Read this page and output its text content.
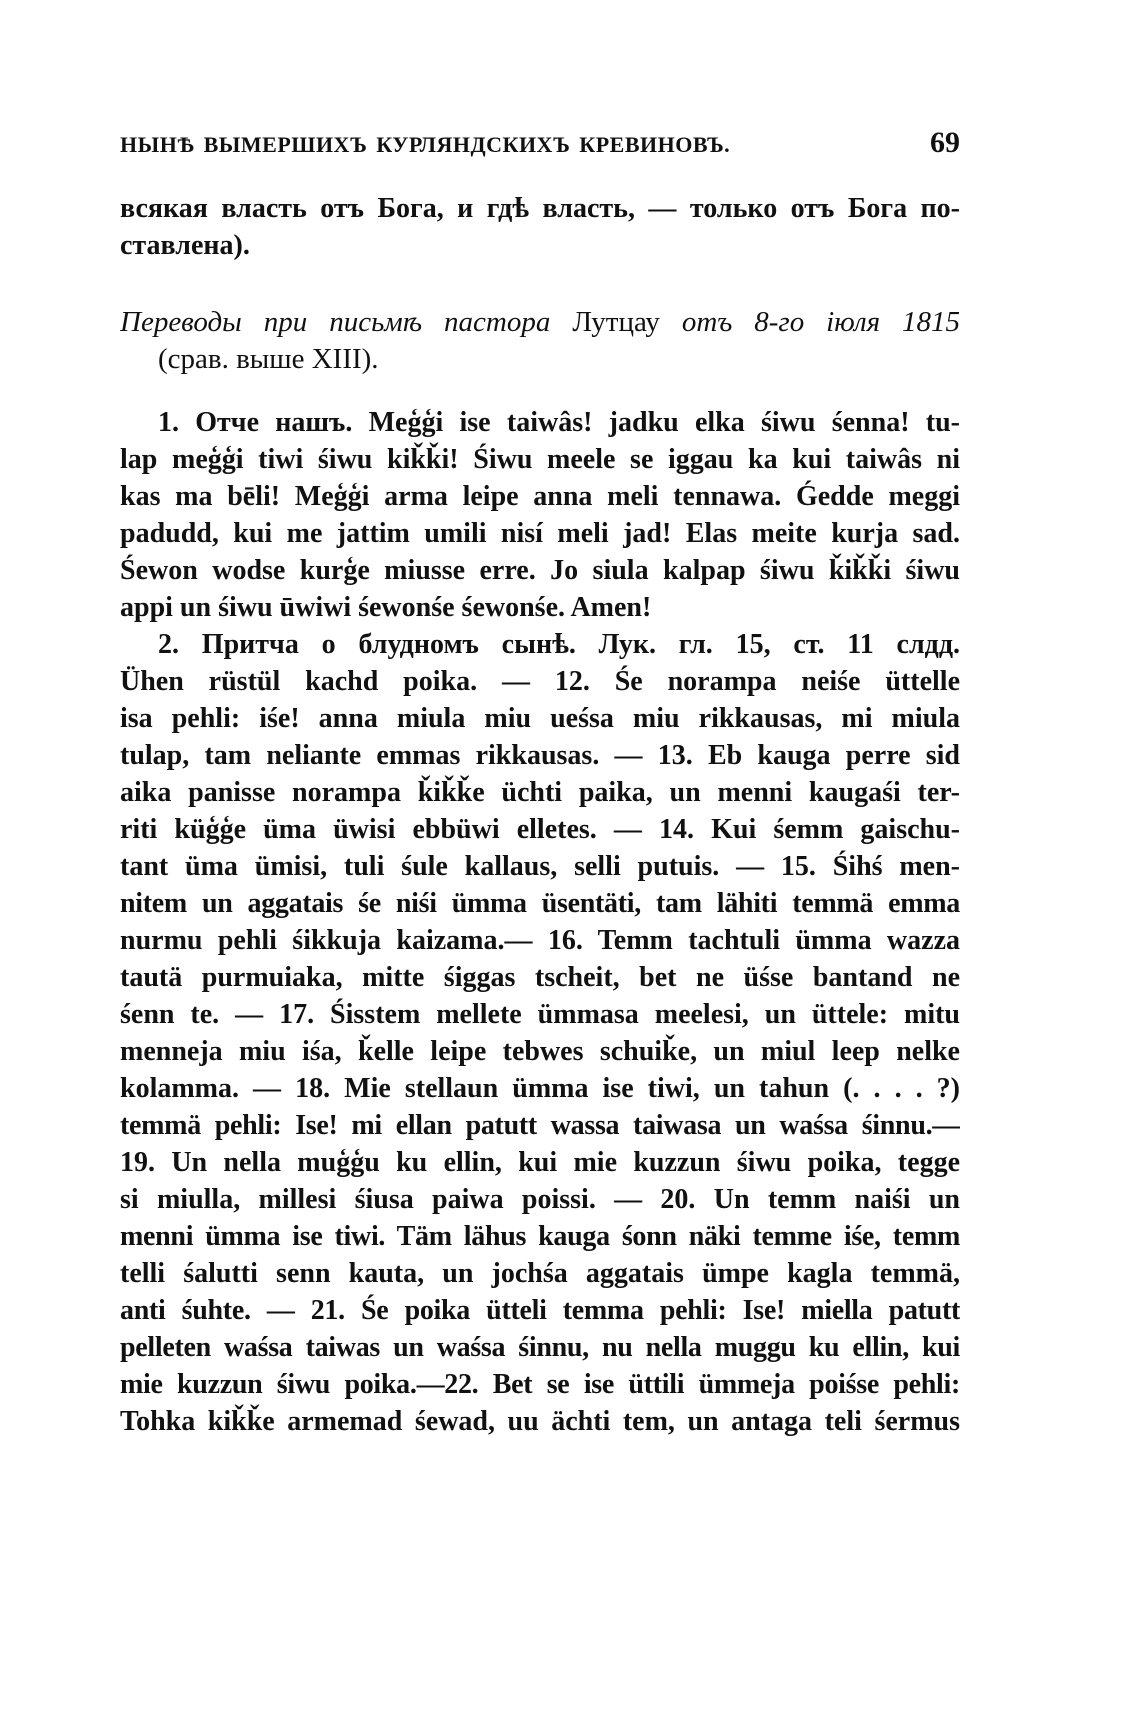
НЫНѢ ВЫМЕРШИХЪ КУРЛЯНДСКИХЪ КРЕВИНОВЪ.	69
всякая власть отъ Бога, и гдѣ власть, — только отъ Бога по-
ставлена).
Переводы при письмѣ пастора Лутцау отъ 8-го іюля 1815
(срав. выше XIII).
1. Отче нашъ. Meģģi ise taiwâs! jadku elka śiwu śenna! tu-
lap meģģi tiwi śiwu kiǩǩi! Śiwu meele se iggau ka kui taiwâs ni
kas ma bēli! Meģģi arma leipe anna meli tennawa. Ǵedde meggi
padudd, kui me jattim umili nisí meli jad! Elas meite kurja sad.
Śewon wodse kurģe miusse erre. Jo siula kalpap śiwu ǩiǩǩi śiwu
appi un śiwu ūwiwi śewonśe śewonśe. Amen!
2. Притча о блудномъ сынѣ. Лук. гл. 15, ст. 11 слдд.
Ühen rüstül kachd poika. — 12. Śe norampa neiśe üttelle
isa pehli: iśe! anna miula miu ueśsa miu rikkausas, mi miula
tulap, tam neliante emmas rikkausas. — 13. Eb kauga perre sid
aika panisse norampa ǩiǩǩe üchti paika, un menni kaugaśi ter-
riti küģģe üma üwisi ebbüwi elletes. — 14. Kui śemm gaischu-
tant üma ümisi, tuli śule kallaus, selli putuis. — 15. Śihś men-
nitem un aggatais śe niśi ümma üsentäti, tam lähiti temmä emma
nurmu pehli śikkuja kaizama.— 16. Temm tachtuli ümma wazza
tautä purmuiaka, mitte śiggas tscheit, bet ne üśse bantand ne
śenn te. — 17. Śisstem mellete ümmasa meelesi, un üttele: mitu
menneja miu iśa, ǩelle leipe tebwes schuiǩe, un miul leep nelke
kolamma. — 18. Mie stellaun ümma ise tiwi, un tahun (. . . . ?)
temmä pehli: Ise! mi ellan patutt wassa taiwasa un waśsa śinnu.—
19. Un nella muģģu ku ellin, kui mie kuzzun śiwu poika, tegge
si miulla, millesi śiusa paiwa poissi. — 20. Un temm naiśi un
menni ümma ise tiwi. Täm lähus kauga śonn näki temme iśe, temm
telli śalutti senn kauta, un jochśa aggatais ümpe kagla temmä,
anti śuhte. — 21. Śe poika ütteli temma pehli: Ise! miella patutt
pelleten waśsa taiwas un waśsa śinnu, nu nella muggu ku ellin, kui
mie kuzzun śiwu poika.—22. Bet se ise üttili ümmeja poiśse pehli:
Tohka kiǩǩe armemad śewad, uu ächti tem, un antaga teli śermus
